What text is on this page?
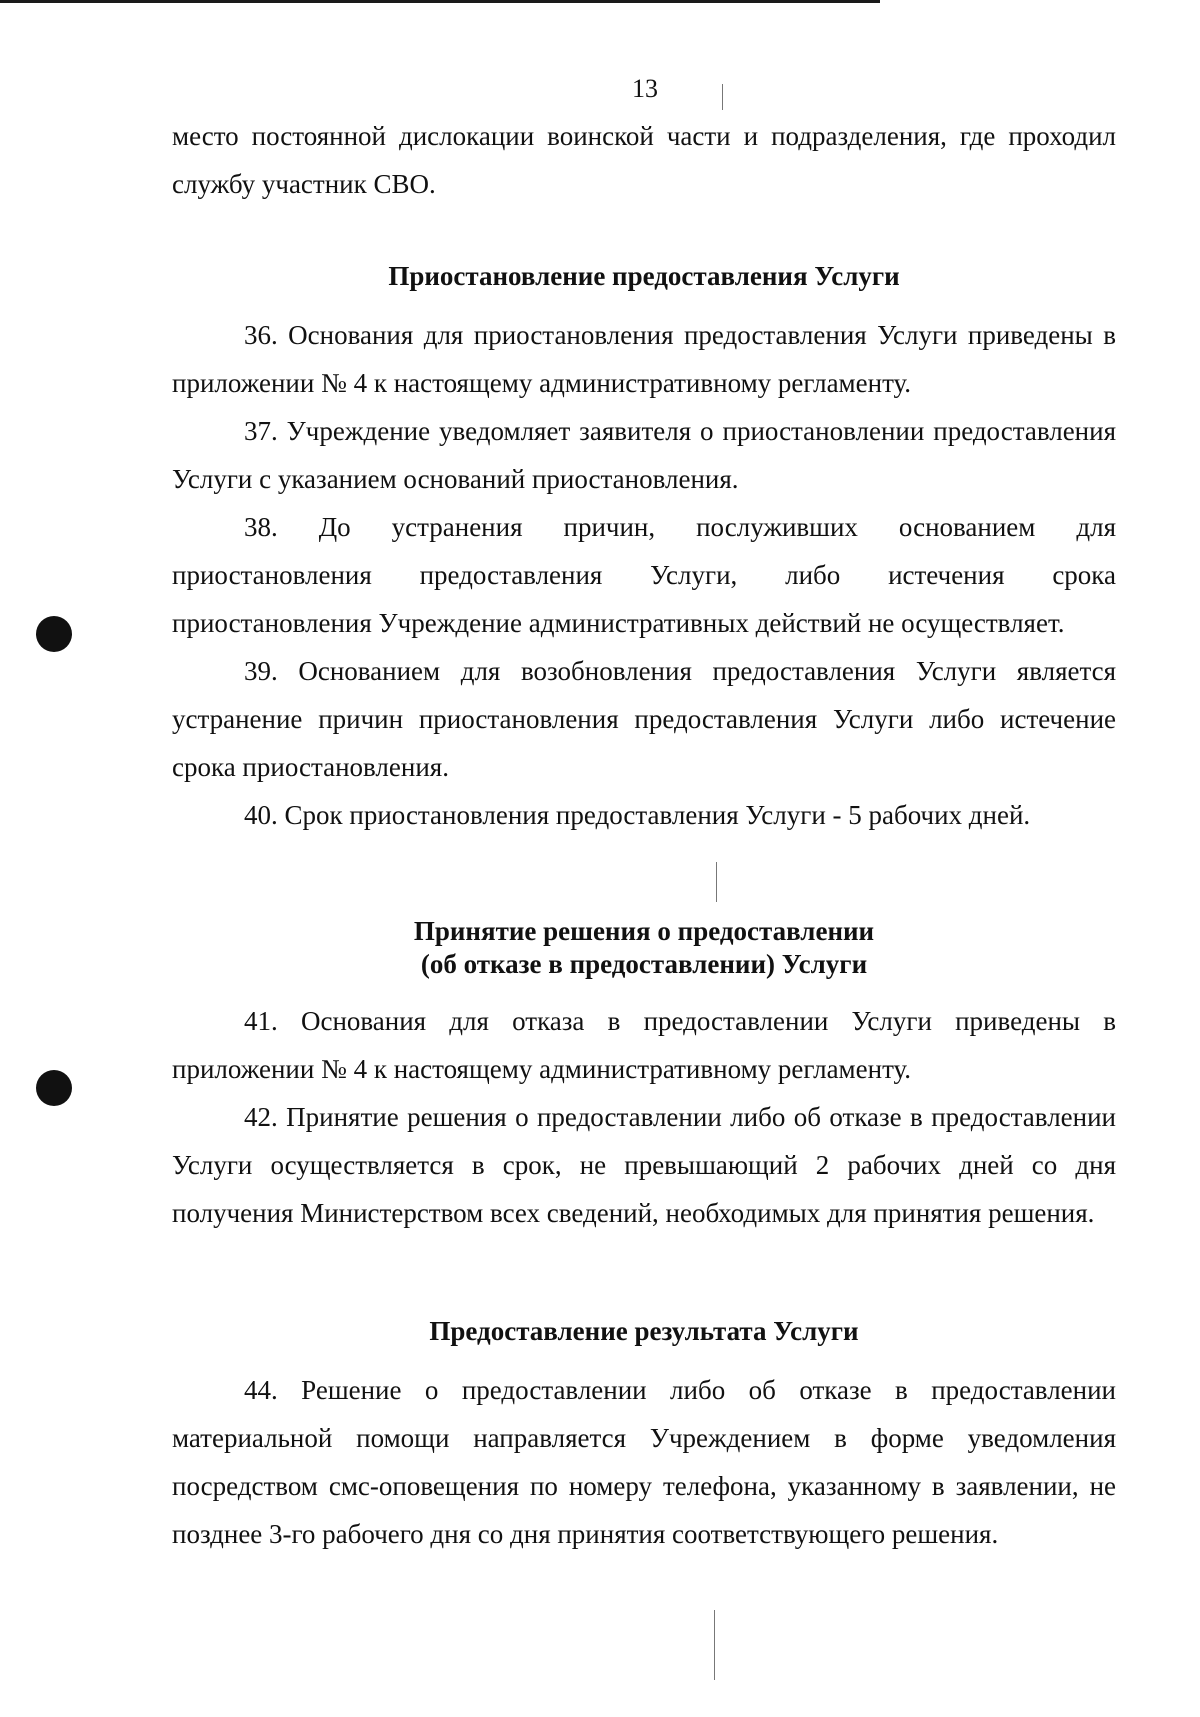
13

место постоянной дислокации воинской части и подразделения, где проходил службу участник СВО.

Приостановление предоставления Услуги

36. Основания для приостановления предоставления Услуги приведены в приложении № 4 к настоящему административному регламенту.

37. Учреждение уведомляет заявителя о приостановлении предоставления Услуги с указанием оснований приостановления.

38. До устранения причин, послуживших основанием для приостановления предоставления Услуги, либо истечения срока приостановления Учреждение административных действий не осуществляет.

39. Основанием для возобновления предоставления Услуги является устранение причин приостановления предоставления Услуги либо истечение срока приостановления.

40. Срок приостановления предоставления Услуги - 5 рабочих дней.

Принятие решения о предоставлении
(об отказе в предоставлении) Услуги

41. Основания для отказа в предоставлении Услуги приведены в приложении № 4 к настоящему административному регламенту.

42. Принятие решения о предоставлении либо об отказе в предоставлении Услуги осуществляется в срок, не превышающий 2 рабочих дней со дня получения Министерством всех сведений, необходимых для принятия решения.

Предоставление результата Услуги

44. Решение о предоставлении либо об отказе в предоставлении материальной помощи направляется Учреждением в форме уведомления посредством смс-оповещения по номеру телефона, указанному в заявлении, не позднее 3-го рабочего дня со дня принятия соответствующего решения.
